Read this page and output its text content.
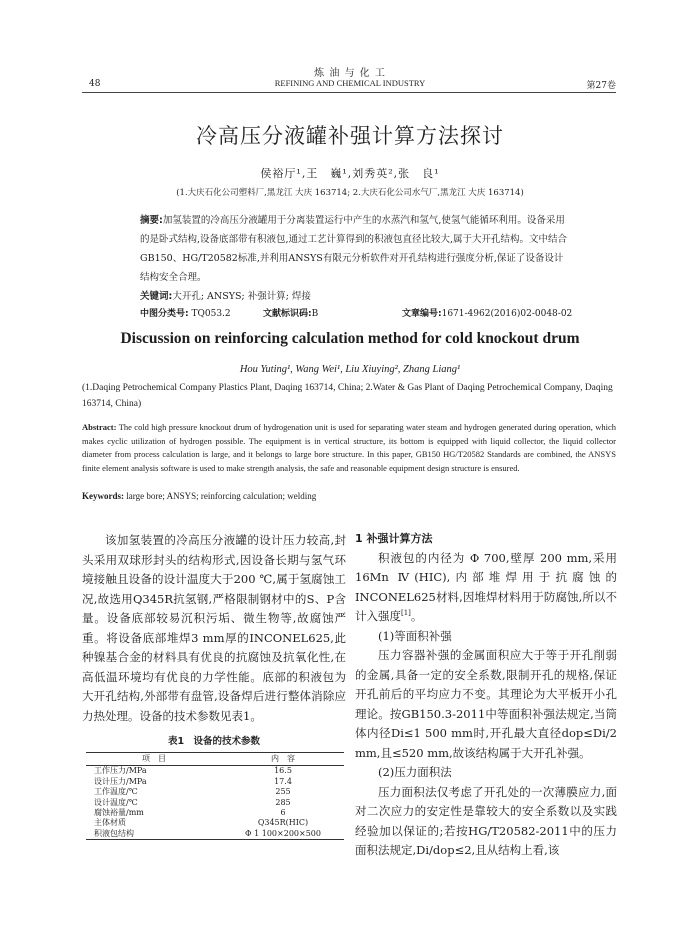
炼 油 与 化 工
REFINING AND CHEMICAL INDUSTRY
48	第27卷
冷高压分液罐补强计算方法探讨
侯裕厅¹,王　巍¹,刘秀英²,张　良¹
(1.大庆石化公司塑料厂,黑龙江 大庆 163714; 2.大庆石化公司水气厂,黑龙江 大庆 163714)
摘要:加氢装置的冷高压分液罐用于分离装置运行中产生的水蒸汽和氢气,使氢气能循环利用。设备采用的是卧式结构,设备底部带有积液包,通过工艺计算得到的积液包直径比较大,属于大开孔结构。文中结合GB150、HG/T20582标准,并利用ANSYS有限元分析软件对开孔结构进行强度分析,保证了设备设计结构安全合理。
关键词:大开孔; ANSYS; 补强计算; 焊接
中图分类号: TQ053.2	文献标识码:B	文章编号:1671-4962(2016)02-0048-02
Discussion on reinforcing calculation method for cold knockout drum
Hou Yuting¹, Wang Wei¹, Liu Xiuying², Zhang Liang¹
(1.Daqing Petrochemical Company Plastics Plant, Daqing 163714, China; 2.Water & Gas Plant of Daqing Petrochemical Company, Daqing 163714, China)
Abstract: The cold high pressure knockout drum of hydrogenation unit is used for separating water steam and hydrogen generated during operation, which makes cyclic utilization of hydrogen possible. The equipment is in vertical structure, its bottom is equipped with liquid collector, the liquid collector diameter from process calculation is large, and it belongs to large bore structure. In this paper, GB150 HG/T20582 Standards are combined, the ANSYS finite element analysis software is used to make strength analysis, the safe and reasonable equipment design structure is ensured.
Keywords: large bore; ANSYS; reinforcing calculation; welding

该加氢装置的冷高压分液罐的设计压力较高,封头采用双球形封头的结构形式,因设备长期与氢气环境接触且设备的设计温度大于200 ℃,属于氢腐蚀工况,故选用Q345R抗氢钢,严格限制钢材中的S、P含量。设备底部较易沉积污垢、微生物等,故腐蚀严重。将设备底部堆焊3 mm厚的INCONEL625,此种镍基合金的材料具有优良的抗腐蚀及抗氧化性,在高低温环境均有优良的力学性能。底部的积液包为大开孔结构,外部带有盘管,设备焊后进行整体消除应力热处理。设备的技术参数见表1。

表1　设备的技术参数
项　目	内　容
工作压力/MPa	16.5
设计压力/MPa	17.4
工作温度/℃	255
设计温度/℃	285
腐蚀裕量/mm	6
主体材质	Q345R(HIC)
积液包结构	Φ 1 100×200×500

1 补强计算方法

积液包的内径为 Φ 700,壁厚 200 mm,采用 16Mn Ⅳ(HIC),内部堆焊用于抗腐蚀的INCONEL625材料,因堆焊材料用于防腐蚀,所以不计入强度[1]。

(1)等面积补强

压力容器补强的金属面积应大于等于开孔削弱的金属,具备一定的安全系数,限制开孔的规格,保证开孔前后的平均应力不变。其理论为大平板开小孔理论。按GB150.3-2011中等面积补强法规定,当筒体内径Di≤1 500 mm时,开孔最大直径dop≤Di/2 mm,且≤520 mm,故该结构属于大开孔补强。

(2)压力面积法

压力面积法仅考虑了开孔处的一次薄膜应力,面对二次应力的安定性是靠较大的安全系数以及实践经验加以保证的;若按HG/T20582-2011中的压力面积法规定,Di/dop≤2,且从结构上看,该
